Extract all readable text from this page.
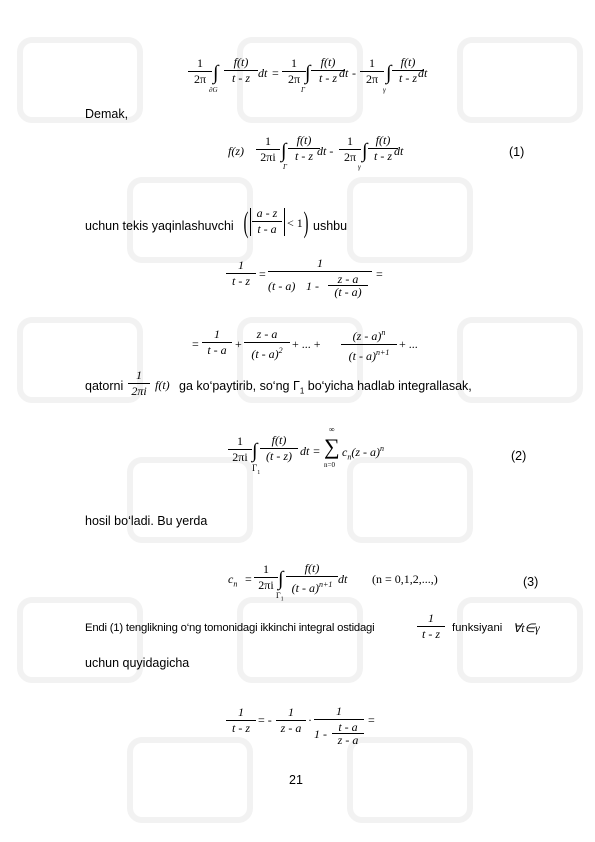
1
2π ∫
∂G
f(t)
t - z dt =
1
2π ∫
Γ
f(t)
t - z dt -
1
2π ∫
γ
f(t)
t - z dt
Demak,
f(z)
1
2πi ∫
Γ
f(t)
t - z dt -
1
2π ∫
γ
f(t)
t - z dt	(1)
uchun tekis yaqinlashuvchi ( a - z
t - a < 1 ) ushbu
1
t - z =
1
(t - a) 1 -	z - a
(t - a)
=
=
1
t - a +
z - a
(t - a)$^2$ + ... +
(z - a)$^n$
(t - a)$^{n+1}$
+ ...
qatorni
1
2πi f(t) ga ko‘paytirib, so‘ng $\Gamma_1$ bo‘yicha hadlab integrallasak,
1
2πi ∫
$\Gamma_1$
f(t)
(t - z) dt =
∞
∑
n=0
$c_n(z - a)^n$
(2)
hosil bo‘ladi. Bu yerda
$c_n$ =
1
2πi ∫
$\Gamma_1$
f(t)
(t - a)$^{n+1}$ dt (n = 0,1,2,...,)	(3)
Endi (1) tenglikning o‘ng tomonidagi ikkinchi integral ostidagi
1
t - z	funksiyani ∀t∈γ
uchun quyidagicha
1
t - z
= -
1
z - a
·
1
1 - t - a
z - a
=
21
